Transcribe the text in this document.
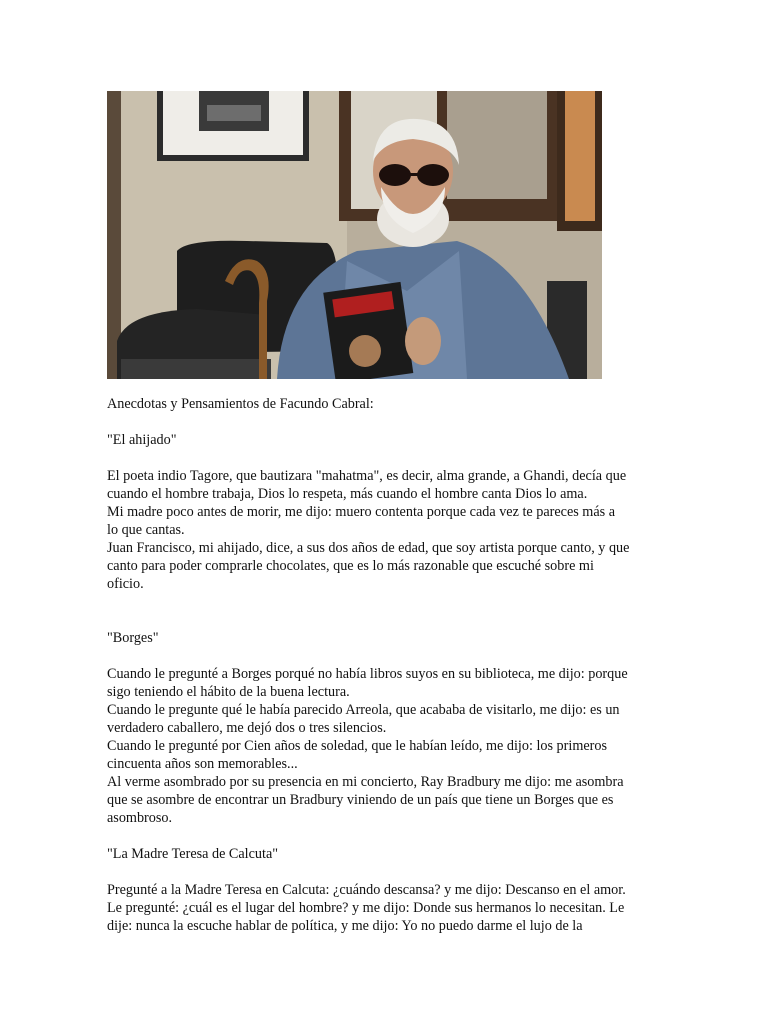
Anecdotas y Pensamientos de Facundo Cabral:

"El ahijado"

El poeta indio Tagore, que bautizara "mahatma", es decir, alma grande, a Ghandi, decía que

cuando el hombre trabaja, Dios lo respeta, más cuando el hombre canta Dios lo ama.

Mi madre poco antes de morir, me dijo: muero contenta porque cada vez te pareces más a

lo que cantas.

Juan Francisco, mi ahijado, dice, a sus dos años de edad, que soy artista porque canto, y que

canto para poder comprarle chocolates, que es lo más razonable que escuché sobre mi

oficio.

"Borges"

Cuando le pregunté a Borges porqué no había libros suyos en su biblioteca, me dijo: porque

sigo teniendo el hábito de la buena lectura.

Cuando le pregunte qué le había parecido Arreola, que acababa de visitarlo, me dijo: es un

verdadero caballero, me dejó dos o tres silencios.

Cuando le pregunté por Cien años de soledad, que le habían leído, me dijo: los primeros

cincuenta años son memorables...

Al verme asombrado por su presencia en mi concierto, Ray Bradbury me dijo: me asombra

que se asombre de encontrar un Bradbury viniendo de un país que tiene un Borges que es

asombroso.

"La Madre Teresa de Calcuta"

Pregunté a la Madre Teresa en Calcuta: ¿cuándo descansa? y me dijo: Descanso en el amor.

Le pregunté: ¿cuál es el lugar del hombre? y me dijo: Donde sus hermanos lo necesitan. Le

dije: nunca la escuche hablar de política, y me dijo: Yo no puedo darme el lujo de la
